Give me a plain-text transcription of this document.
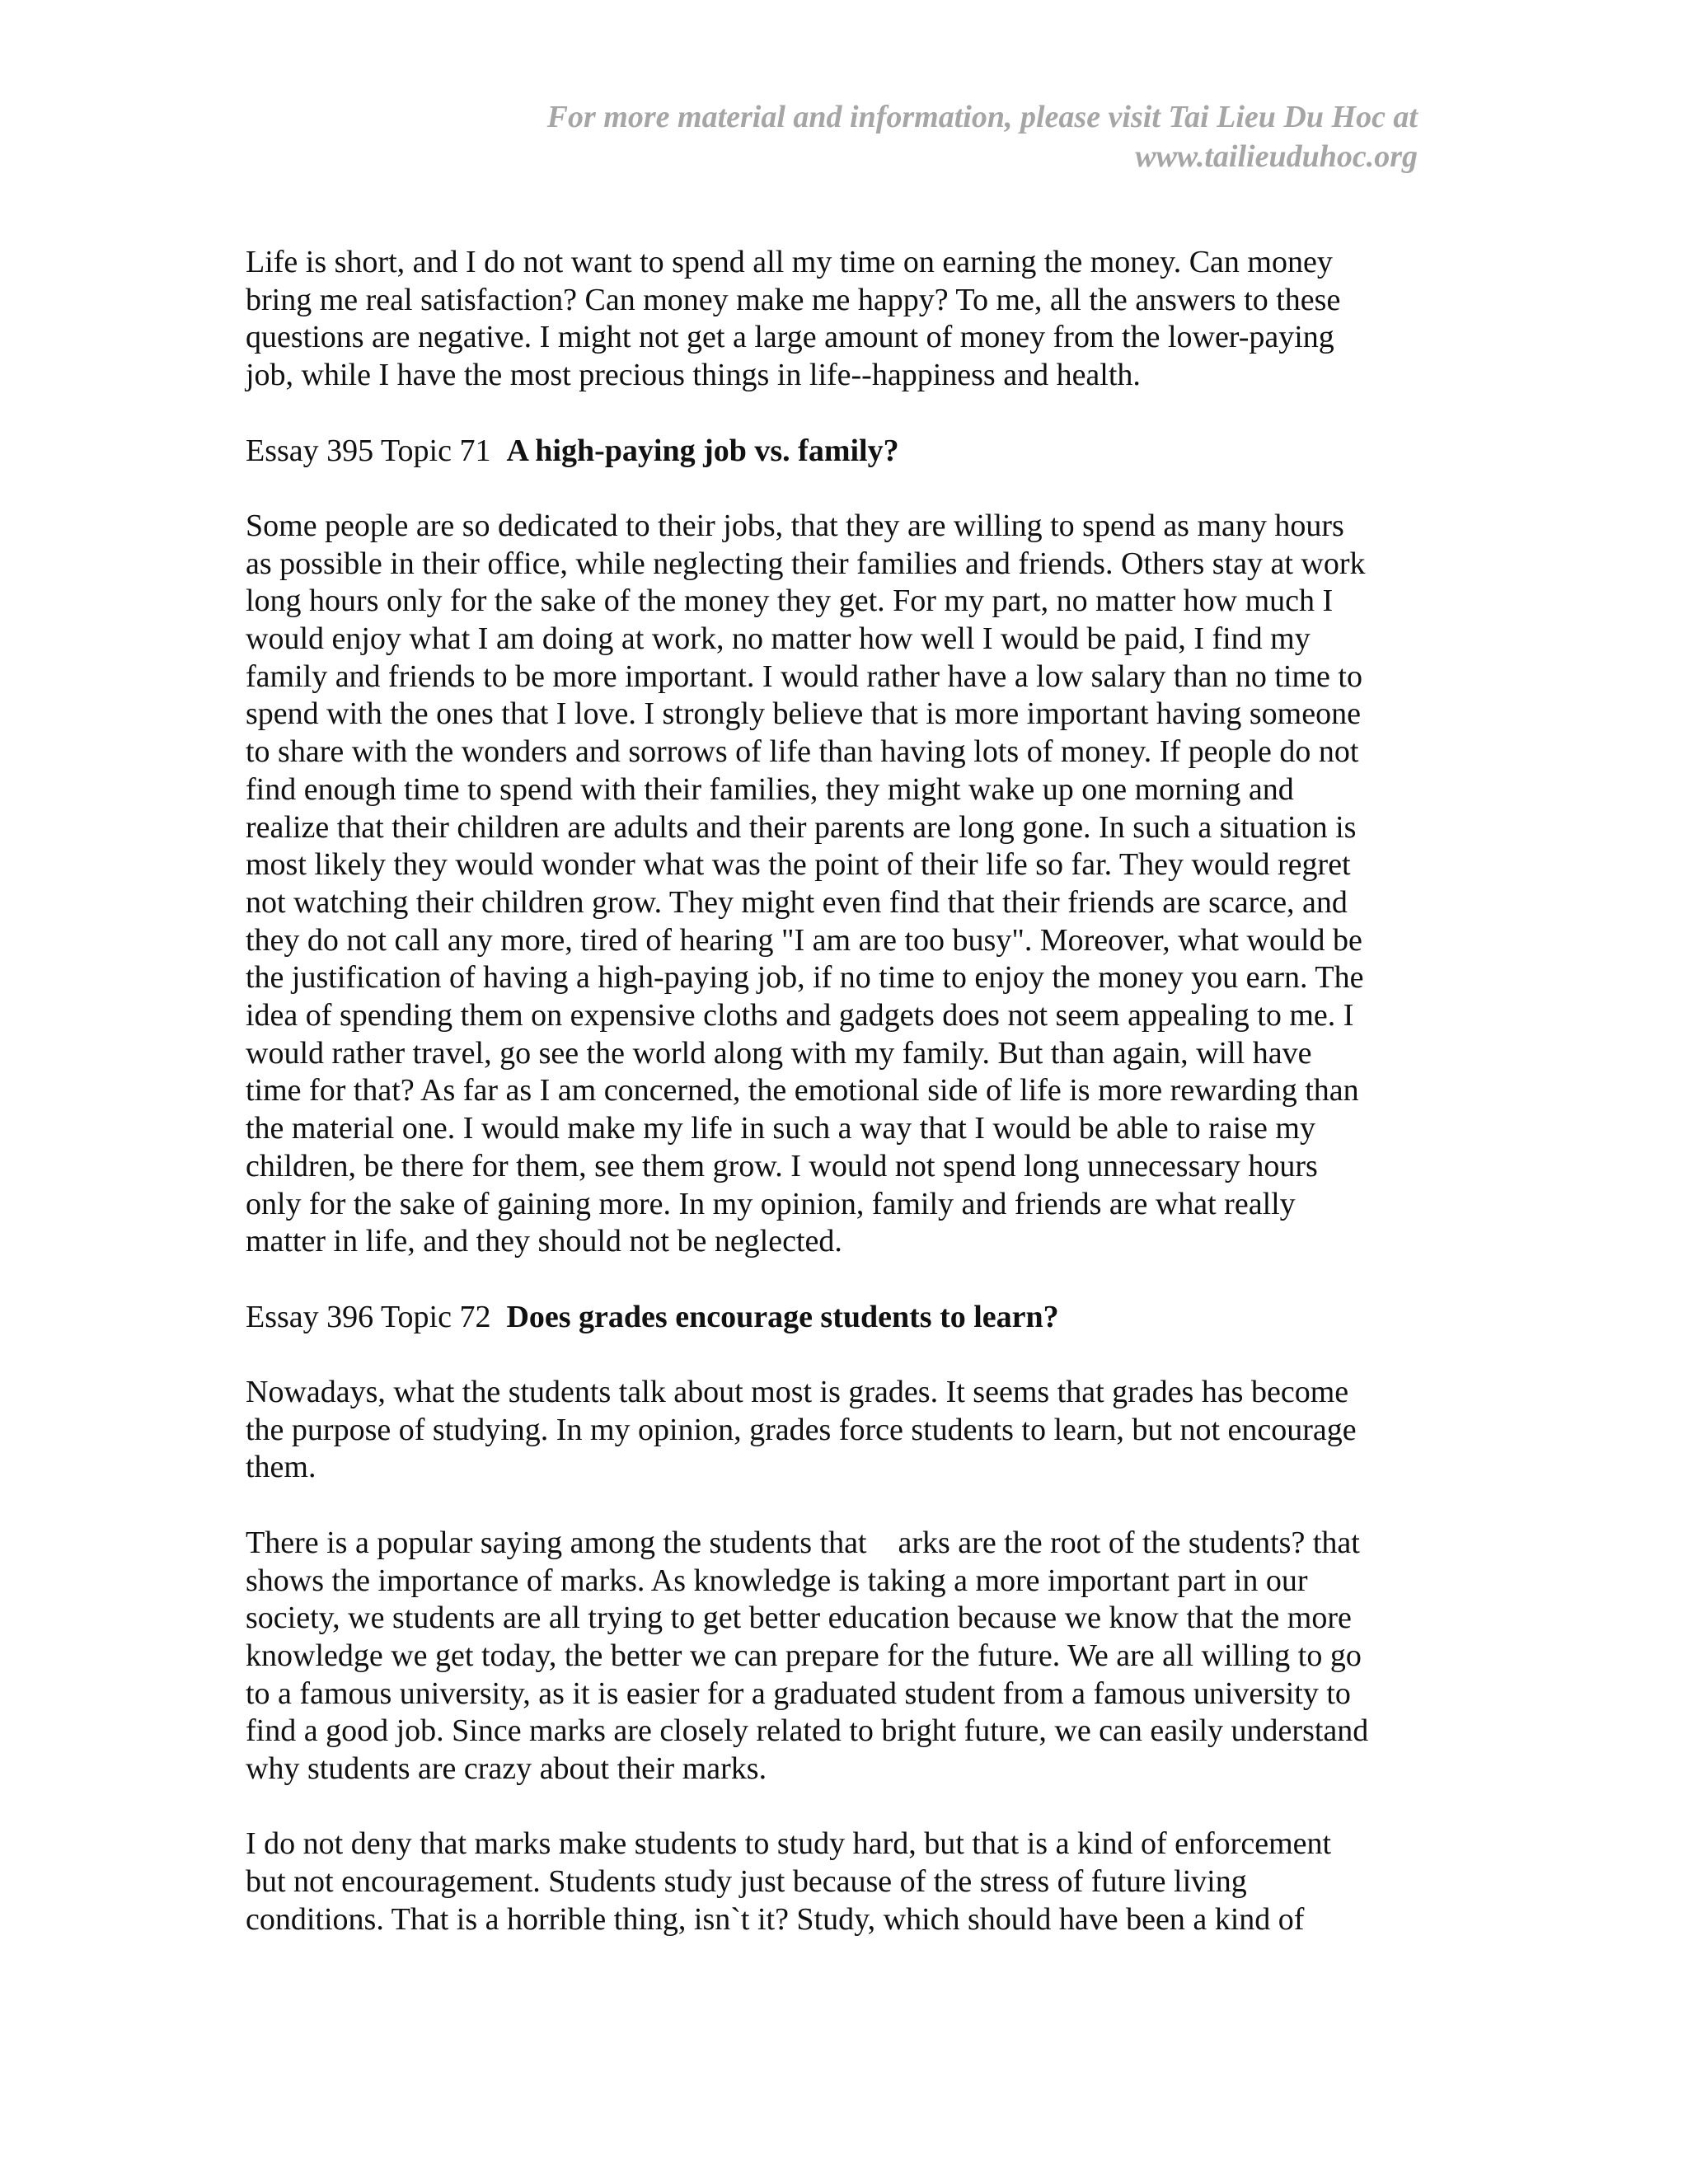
For more material and information, please visit Tai Lieu Du Hoc at
www.tailieuduhoc.org
Life is short, and I do not want to spend all my time on earning the money. Can money
bring me real satisfaction? Can money make me happy? To me, all the answers to these
questions are negative. I might not get a large amount of money from the lower-paying
job, while I have the most precious things in life--happiness and health.
Essay 395 Topic 71 A high-paying job vs. family?
Some people are so dedicated to their jobs, that they are willing to spend as many hours
as possible in their office, while neglecting their families and friends. Others stay at work
long hours only for the sake of the money they get. For my part, no matter how much I
would enjoy what I am doing at work, no matter how well I would be paid, I find my
family and friends to be more important. I would rather have a low salary than no time to
spend with the ones that I love. I strongly believe that is more important having someone
to share with the wonders and sorrows of life than having lots of money. If people do not
find enough time to spend with their families, they might wake up one morning and
realize that their children are adults and their parents are long gone. In such a situation is
most likely they would wonder what was the point of their life so far. They would regret
not watching their children grow. They might even find that their friends are scarce, and
they do not call any more, tired of hearing "I am are too busy". Moreover, what would be
the justification of having a high-paying job, if no time to enjoy the money you earn. The
idea of spending them on expensive cloths and gadgets does not seem appealing to me. I
would rather travel, go see the world along with my family. But than again, will have
time for that? As far as I am concerned, the emotional side of life is more rewarding than
the material one. I would make my life in such a way that I would be able to raise my
children, be there for them, see them grow. I would not spend long unnecessary hours
only for the sake of gaining more. In my opinion, family and friends are what really
matter in life, and they should not be neglected.
Essay 396 Topic 72 Does grades encourage students to learn?
Nowadays, what the students talk about most is grades. It seems that grades has become
the purpose of studying. In my opinion, grades force students to learn, but not encourage
them.
There is a popular saying among the students that    arks are the root of the students? that
shows the importance of marks. As knowledge is taking a more important part in our
society, we students are all trying to get better education because we know that the more
knowledge we get today, the better we can prepare for the future. We are all willing to go
to a famous university, as it is easier for a graduated student from a famous university to
find a good job. Since marks are closely related to bright future, we can easily understand
why students are crazy about their marks.
I do not deny that marks make students to study hard, but that is a kind of enforcement
but not encouragement. Students study just because of the stress of future living
conditions. That is a horrible thing, isn`t it? Study, which should have been a kind of
